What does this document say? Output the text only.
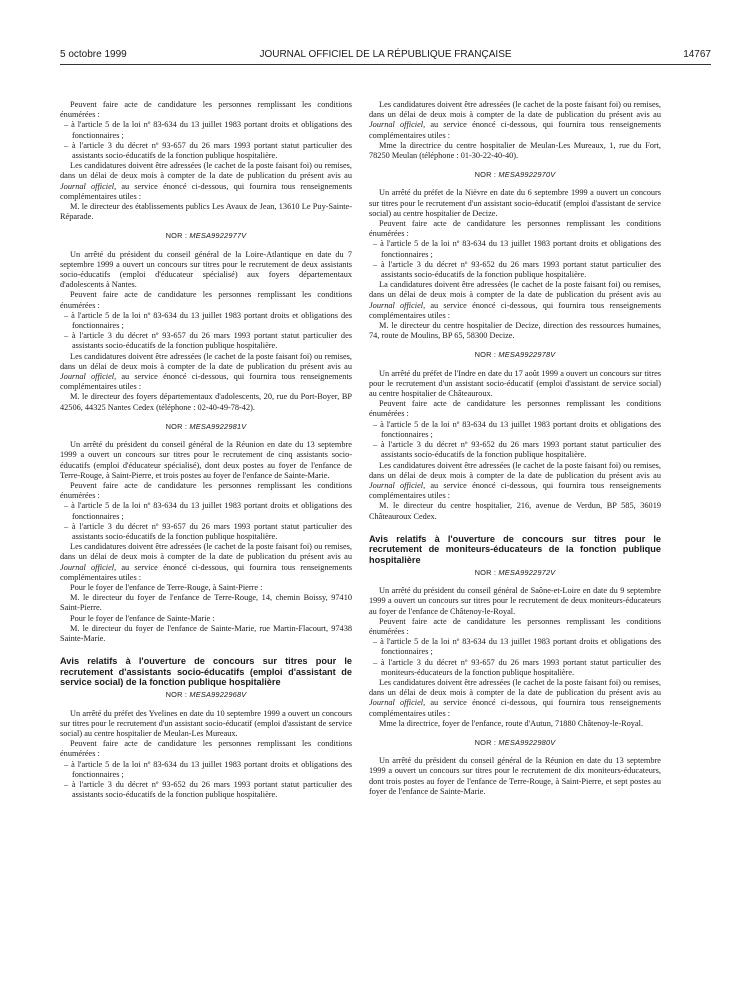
5 octobre 1999	JOURNAL OFFICIEL DE LA RÉPUBLIQUE FRANÇAISE	14767

Peuvent faire acte de candidature les personnes remplissant les conditions énumérées :

– à l'article 5 de la loi nº 83-634 du 13 juillet 1983 portant droits et obligations des fonctionnaires ;

– à l'article 3 du décret nº 93-657 du 26 mars 1993 portant statut particulier des assistants socio-éducatifs de la fonction publique hospitalière.

Les candidatures doivent être adressées (le cachet de la poste faisant foi) ou remises, dans un délai de deux mois à compter de la date de publication du présent avis au Journal officiel, au service énoncé ci-dessous, qui fournira tous renseignements complémentaires utiles :

M. le directeur des établissements publics Les Avaux de Jean, 13610 Le Puy-Sainte-Réparade.

NOR : MESA9922977V

Un arrêté du président du conseil général de la Loire-Atlantique en date du 7 septembre 1999 a ouvert un concours sur titres pour le recrutement de deux assistants socio-éducatifs (emploi d'éducateur spécialisé) aux foyers départementaux d'adolescents à Nantes.

Peuvent faire acte de candidature les personnes remplissant les conditions énumérées :

– à l'article 5 de la loi nº 83-634 du 13 juillet 1983 portant droits et obligations des fonctionnaires ;

– à l'article 3 du décret nº 93-657 du 26 mars 1993 portant statut particulier des assistants socio-éducatifs de la fonction publique hospitalière.

Les candidatures doivent être adressées (le cachet de la poste faisant foi) ou remises, dans un délai de deux mois à compter de la date de publication du présent avis au Journal officiel, au service énoncé ci-dessous, qui fournira tous renseignements complémentaires utiles :

M. le directeur des foyers départementaux d'adolescents, 20, rue du Port-Boyer, BP 42506, 44325 Nantes Cedex (téléphone : 02-40-49-78-42).

NOR : MESA9922981V

Un arrêté du président du conseil général de la Réunion en date du 13 septembre 1999 a ouvert un concours sur titres pour le recrutement de cinq assistants socio-éducatifs (emploi d'éducateur spécialisé), dont deux postes au foyer de l'enfance de Terre-Rouge, à Saint-Pierre, et trois postes au foyer de l'enfance de Sainte-Marie.

Peuvent faire acte de candidature les personnes remplissant les conditions énumérées :

– à l'article 5 de la loi nº 83-634 du 13 juillet 1983 portant droits et obligations des fonctionnaires ;

– à l'article 3 du décret nº 93-657 du 26 mars 1993 portant statut particulier des assistants socio-éducatifs de la fonction publique hospitalière.

Les candidatures doivent être adressées (le cachet de la poste faisant foi) ou remises, dans un délai de deux mois à compter de la date de publication du présent avis au Journal officiel, au service énoncé ci-dessous, qui fournira tous renseignements complémentaires utiles :

Pour le foyer de l'enfance de Terre-Rouge, à Saint-Pierre :

M. le directeur du foyer de l'enfance de Terre-Rouge, 14, chemin Boissy, 97410 Saint-Pierre.

Pour le foyer de l'enfance de Sainte-Marie :

M. le directeur du foyer de l'enfance de Sainte-Marie, rue Martin-Flacourt, 97438 Sainte-Marie.

Avis relatifs à l'ouverture de concours sur titres pour le recrutement d'assistants socio-éducatifs (emploi d'assistant de service social) de la fonction publique hospitalière
NOR : MESA9922968V

Un arrêté du préfet des Yvelines en date du 10 septembre 1999 a ouvert un concours sur titres pour le recrutement d'un assistant socio-éducatif (emploi d'assistant de service social) au centre hospitalier de Meulan-Les Mureaux.

Peuvent faire acte de candidature les personnes remplissant les conditions énumérées :

– à l'article 5 de la loi nº 83-634 du 13 juillet 1983 portant droits et obligations des fonctionnaires ;

– à l'article 3 du décret nº 93-652 du 26 mars 1993 portant statut particulier des assistants socio-éducatifs de la fonction publique hospitalière.

Les candidatures doivent être adressées (le cachet de la poste faisant foi) ou remises, dans un délai de deux mois à compter de la date de publication du présent avis au Journal officiel, au service énoncé ci-dessous, qui fournira tous renseignements complémentaires utiles :

Mme la directrice du centre hospitalier de Meulan-Les Mureaux, 1, rue du Fort, 78250 Meulan (téléphone : 01-30-22-40-40).

NOR : MESA9922970V

Un arrêté du préfet de la Nièvre en date du 6 septembre 1999 a ouvert un concours sur titres pour le recrutement d'un assistant socio-éducatif (emploi d'assistant de service social) au centre hospitalier de Decize.

Peuvent faire acte de candidature les personnes remplissant les conditions énumérées :

– à l'article 5 de la loi nº 83-634 du 13 juillet 1983 portant droits et obligations des fonctionnaires ;

– à l'article 3 du décret nº 93-652 du 26 mars 1993 portant statut particulier des assistants socio-éducatifs de la fonction publique hospitalière.

La candidatures doivent être adressées (le cachet de la poste faisant foi) ou remises, dans un délai de deux mois à compter de la date de publication du présent avis au Journal officiel, au service énoncé ci-dessous, qui fournira tous renseignements complémentaires utiles :

M. le directeur du centre hospitalier de Decize, direction des ressources humaines, 74, route de Moulins, BP 65, 58300 Decize.

NOR : MESA9922978V

Un arrêté du préfet de l'Indre en date du 17 août 1999 a ouvert un concours sur titres pour le recrutement d'un assistant socio-éducatif (emploi d'assistant de service social) au centre hospitalier de Châteauroux.

Peuvent faire acte de candidature les personnes remplissant les conditions énumérées :

– à l'article 5 de la loi nº 83-634 du 13 juillet 1983 portant droits et obligations des fonctionnaires ;

– à l'article 3 du décret nº 93-652 du 26 mars 1993 portant statut particulier des assistants socio-éducatifs de la fonction publique hospitalière.

Les candidatures doivent être adressées (le cachet de la poste faisant foi) ou remises, dans un délai de deux mois à compter de la date de publication du présent avis au Journal officiel, au service énoncé ci-dessous, qui fournira tous renseignements complémentaires utiles :

M. le directeur du centre hospitalier, 216, avenue de Verdun, BP 585, 36019 Châteauroux Cedex.

Avis relatifs à l'ouverture de concours sur titres pour le recrutement de moniteurs-éducateurs de la fonction publique hospitalière
NOR : MESA9922972V

Un arrêté du président du conseil général de Saône-et-Loire en date du 9 septembre 1999 a ouvert un concours sur titres pour le recrutement de deux moniteurs-éducateurs au foyer de l'enfance de Châtenoy-le-Royal.

Peuvent faire acte de candidature les personnes remplissant les conditions énumérées :

– à l'article 5 de la loi nº 83-634 du 13 juillet 1983 portant droits et obligations des fonctionnaires ;

– à l'article 3 du décret nº 93-657 du 26 mars 1993 portant statut particulier des moniteurs-éducateurs de la fonction publique hospitalière.

Les candidatures doivent être adressées (le cachet de la poste faisant foi) ou remises, dans un délai de deux mois à compter de la date de publication du présent avis au Journal officiel, au service énoncé ci-dessous, qui fournira tous renseignements complémentaires utiles :

Mme la directrice, foyer de l'enfance, route d'Autun, 71880 Châtenoy-le-Royal.

NOR : MESA9922980V

Un arrêté du président du conseil général de la Réunion en date du 13 septembre 1999 a ouvert un concours sur titres pour le recrutement de dix moniteurs-éducateurs, dont trois postes au foyer de l'enfance de Terre-Rouge, à Saint-Pierre, et sept postes au foyer de l'enfance de Sainte-Marie.
